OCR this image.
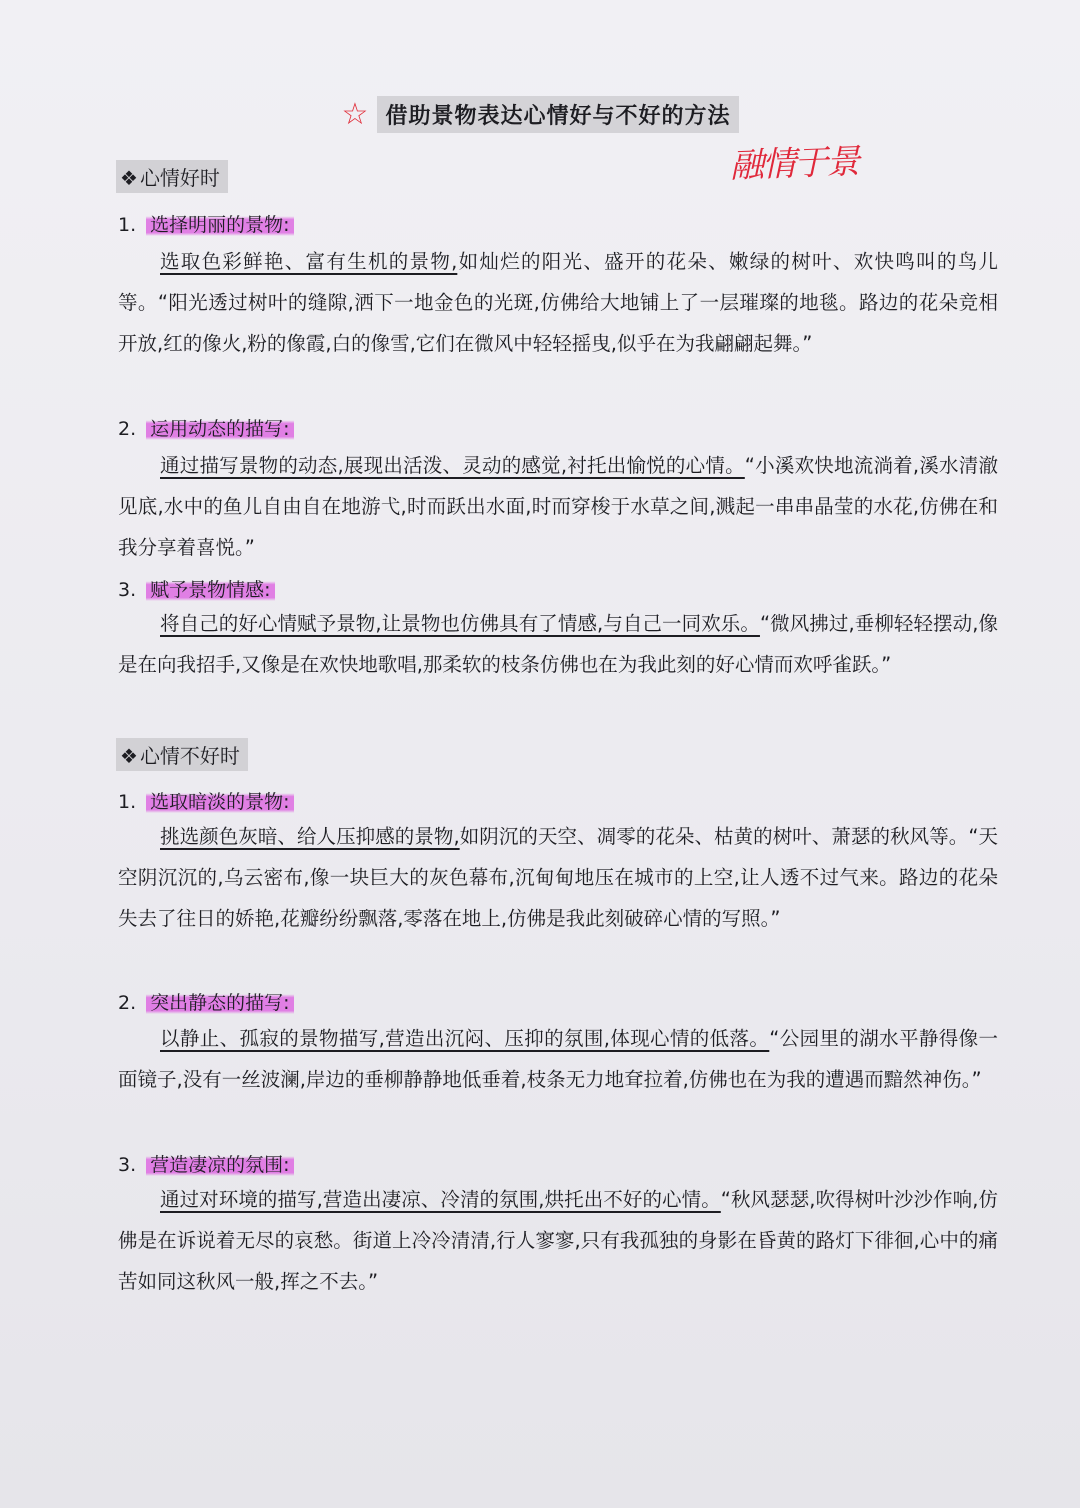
☆ 借助景物表达心情好与不好的方法
融情于景
❖ 心情好时
1. 选择明丽的景物:
选取色彩鲜艳、富有生机的景物,如灿烂的阳光、盛开的花朵、嫩绿的树叶、欢快鸣叫的鸟儿等。“阳光透过树叶的缝隙,洒下一地金色的光斑,仿佛给大地铺上了一层璀璨的地毯。路边的花朵竞相开放,红的像火,粉的像霞,白的像雪,它们在微风中轻轻摇曳,似乎在为我翩翩起舞。”
2. 运用动态的描写:
通过描写景物的动态,展现出活泼、灵动的感觉,衬托出愉悦的心情。“小溪欢快地流淌着,溪水清澈见底,水中的鱼儿自由自在地游弋,时而跃出水面,时而穿梭于水草之间,溅起一串串晶莹的水花,仿佛在和我分享着喜悦。”
3. 赋予景物情感:
将自己的好心情赋予景物,让景物也仿佛具有了情感,与自己一同欢乐。“微风拂过,垂柳轻轻摆动,像是在向我招手,又像是在欢快地歌唱,那柔软的枝条仿佛也在为我此刻的好心情而欢呼雀跃。”
❖ 心情不好时
1. 选取暗淡的景物:
挑选颜色灰暗、给人压抑感的景物,如阴沉的天空、凋零的花朵、枯黄的树叶、萧瑟的秋风等。“天空阴沉沉的,乌云密布,像一块巨大的灰色幕布,沉甸甸地压在城市的上空,让人透不过气来。路边的花朵失去了往日的娇艳,花瓣纷纷飘落,零落在地上,仿佛是我此刻破碎心情的写照。”
2. 突出静态的描写:
以静止、孤寂的景物描写,营造出沉闷、压抑的氛围,体现心情的低落。“公园里的湖水平静得像一面镜子,没有一丝波澜,岸边的垂柳静静地低垂着,枝条无力地耷拉着,仿佛也在为我的遭遇而黯然神伤。”
3. 营造凄凉的氛围:
通过对环境的描写,营造出凄凉、冷清的氛围,烘托出不好的心情。“秋风瑟瑟,吹得树叶沙沙作响,仿佛是在诉说着无尽的哀愁。街道上冷冷清清,行人寥寥,只有我孤独的身影在昏黄的路灯下徘徊,心中的痛苦如同这秋风一般,挥之不去。”
